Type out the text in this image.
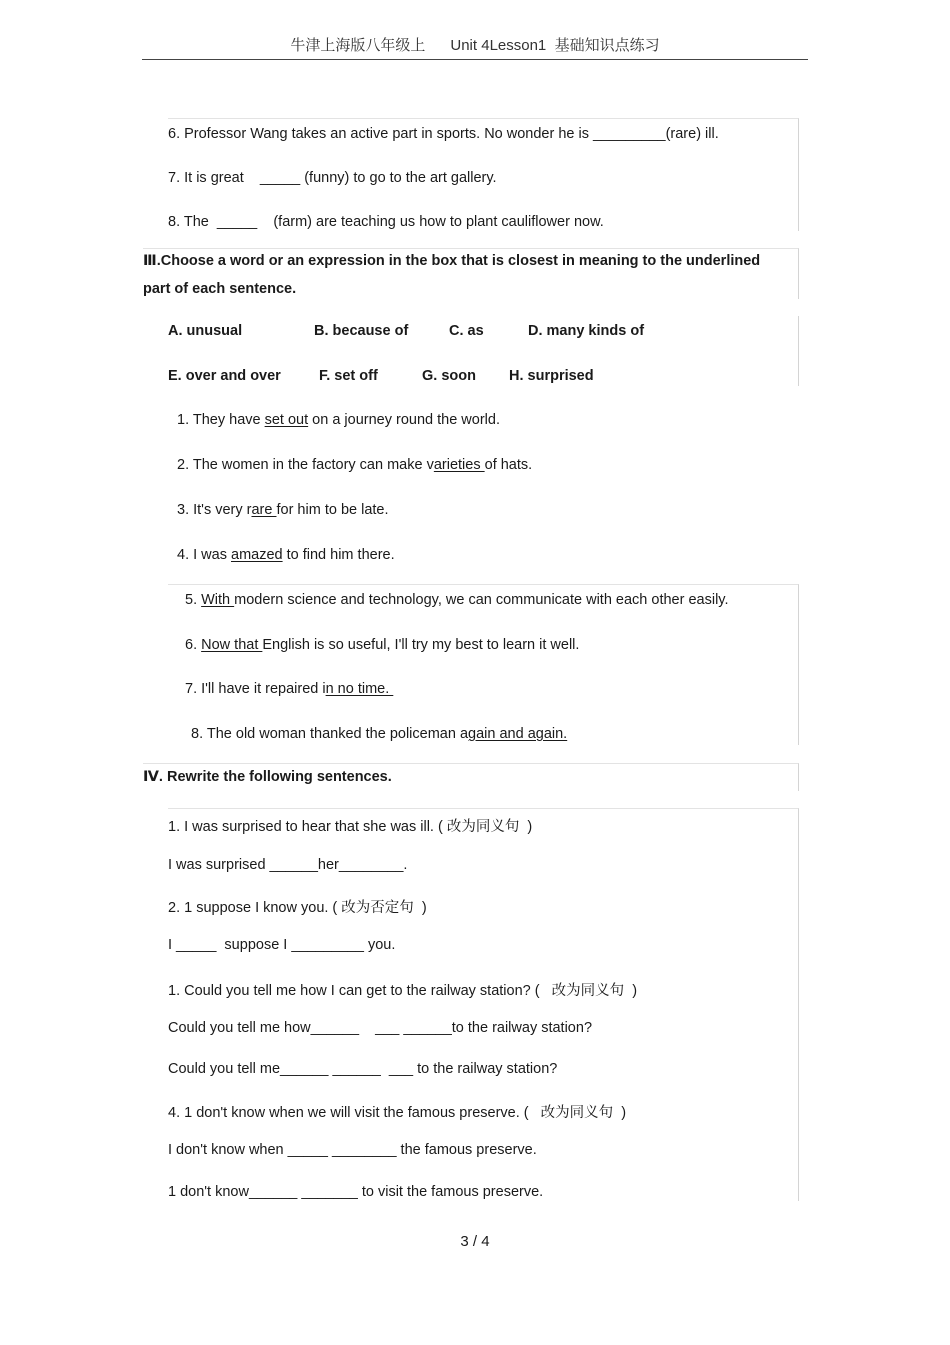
牛津上海版八年级上      Unit 4Lesson1  基础知识点练习
6. Professor Wang takes an active part in sports. No wonder he is _________(rare) ill.
7. It is great    _____ (funny) to go to the art gallery.
8. The  _____    (farm) are teaching us how to plant cauliflower now.
Ⅲ.Choose a word or an expression in the box that is closest in meaning to the underlined
part of each sentence.
A. unusual	B. because of	C. as	D. many kinds of
E. over and over	F. set off	G. soon H. surprised
1. They have set out on a journey round the world.
2. The women in the factory can make varieties of hats.
3. It's very rare for him to be late.
4. I was amazed to find him there.
5. With modern science and technology, we can communicate with each other easily.
6. Now that English is so useful, I'll try my best to learn it well.
7. I'll have it repaired in no time.
8. The old woman thanked the policeman again and again.
Ⅳ. Rewrite the following sentences.
1. I was surprised to hear that she was ill. ( 改为同义句  )
I was surprised ______her________.
2. 1 suppose I know you. ( 改为否定句  )
I _____  suppose I _________ you.
1. Could you tell me how I can get to the railway station? (   改为同义句  )
Could you tell me how______    ___ ______to the railway station?
Could you tell me______ ______  ___ to the railway station?
4. 1 don't know when we will visit the famous preserve. (   改为同义句  )
I don't know when _____ ________ the famous preserve.
1 don't know______ _______ to visit the famous preserve.
3 / 4
